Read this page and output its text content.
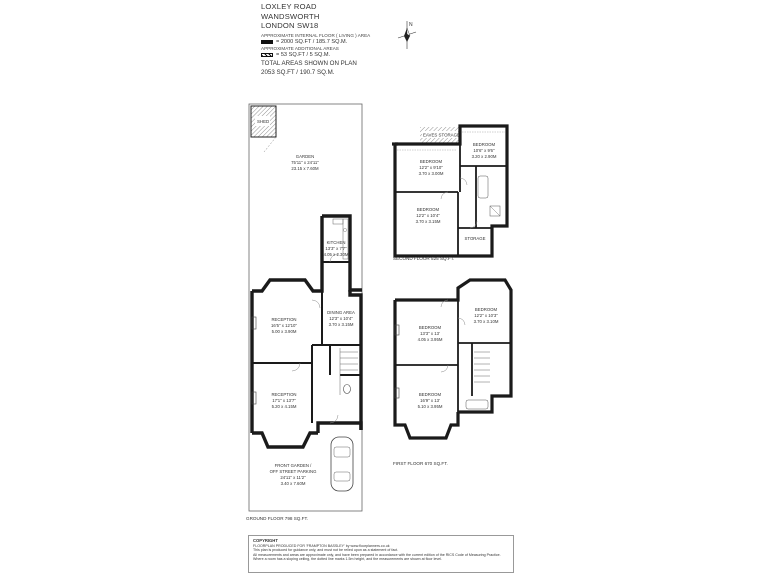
LOXLEY ROAD
WANDSWORTH
LONDON SW18
APPROXIMATE INTERNAL FLOOR ( LIVING ) AREA
= 2000 SQ.FT / 185.7 SQ.M.
APPROXIMATE ADDITIONAL AREAS
= 53 SQ.FT / 5 SQ.M.
TOTAL AREAS SHOWN ON PLAN
2053 SQ.FT / 190.7 SQ.M.
N
SHED
GARDEN
75'11" x 24'11"
23.15 x 7.60M
KITCHEN
13'3" x 7'7"
4.05 x 2.30M
DINING AREA
12'3" x 10'4"
3.70 x 3.15M
RECEPTION
16'5" x 12'10"
5.00 x 3.90M
RECEPTION
17'1" x 13'7"
5.20 x 4.15M
FRONT GARDEN /
OFF STREET PARKING
24'11" x 11'2"
3.40 x 7.60M
EAVES STORAGE
BEDROOM
12'2" x 9'10"
3.70 x 3.00M
BEDROOM
10'6" x 9'6"
3.20 x 2.90M
BEDROOM
12'2" x 10'4"
3.70 x 3.15M
STORAGE
BEDROOM
13'3" x 13'
4.05 x 3.95M
BEDROOM
12'2" x 10'3"
3.70 x 3.10M
BEDROOM
16'9" x 13'
5.10 x 3.95M
SECOND FLOOR 525 SQ.FT.
FIRST FLOOR 670 SQ.FT.
GROUND FLOOR 798 SQ.FT.
COPYRIGHT
FLOORPLAN PRODUCED FOR 'FRAMPTON BASSLEY' by www.floorplanners.co.uk
This plan is produced for guidance only, and must not be relied upon as a statement of fact.
All measurements and areas are approximate only, and have been prepared in accordance with the current edition of the RICS Code of Measuring Practice.
Where a room has a sloping ceiling, the dotted line marks 1.5m height, and the measurements are shown at floor level.
